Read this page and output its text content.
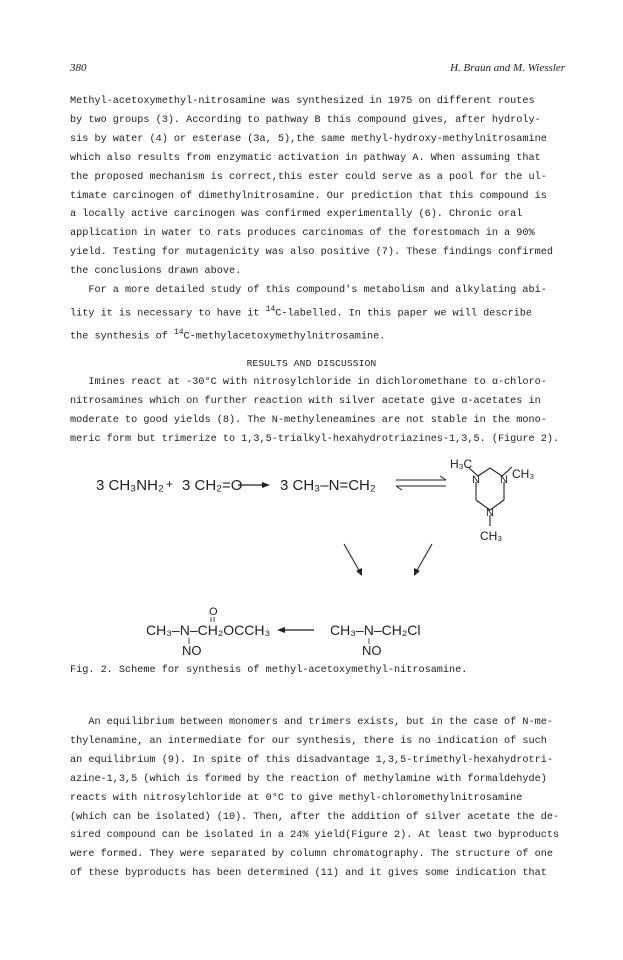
380	H. Braun and M. Wiessler
Methyl-acetoxymethyl-nitrosamine was synthesized in 1975 on different routes
by two groups (3). According to pathway B this compound gives, after hydroly-
sis by water (4) or esterase (3a, 5),the same methyl-hydroxy-methylnitrosamine
which also results from enzymatic activation in pathway A. When assuming that
the proposed mechanism is correct,this ester could serve as a pool for the ul-
timate carcinogen of dimethylnitrosamine. Our prediction that this compound is
a locally active carcinogen was confirmed experimentally (6). Chronic oral
application in water to rats produces carcinomas of the forestomach in a 90%
yield. Testing for mutagenicity was also positive (7). These findings confirmed
the conclusions drawn above.
For a more detailed study of this compound's metabolism and alkylating abi-
lity it is necessary to have it $^{14}$C-labelled. In this paper we will describe
the synthesis of $^{14}$C-methylacetoxymethylnitrosamine.
RESULTS AND DISCUSSION
Imines react at -30°C with nitrosylchloride in dichloromethane to α-chloro-
nitrosamines which on further reaction with silver acetate give α-acetates in
moderate to good yields (8). The N-methyleneamines are not stable in the mono-
meric form but trimerize to 1,3,5-trialkyl-hexahydrotriazines-1,3,5. (Figure 2).
3 CH₃NH₂ + 3 CH₂=O	3 CH₃–N=CH₂
H₃C
N N CH₃
N
CH₃
O
CH₃–N–CH₂OCCH₃
NO
CH₃–N–CH₂Cl
NO
Fig. 2. Scheme for synthesis of methyl-acetoxymethyl-nitrosamine.
An equilibrium between monomers and trimers exists, but in the case of N-me-
thylenamine, an intermediate for our synthesis, there is no indication of such
an equilibrium (9). In spite of this disadvantage 1,3,5-trimethyl-hexahydrotri-
azine-1,3,5 (which is formed by the reaction of methylamine with formaldehyde)
reacts with nitrosylchloride at 0°C to give methyl-chloromethylnitrosamine
(which can be isolated) (10). Then, after the addition of silver acetate the de-
sired compound can be isolated in a 24% yield(Figure 2). At least two byproducts
were formed. They were separated by column chromatography. The structure of one
of these byproducts has been determined (11) and it gives some indication that
